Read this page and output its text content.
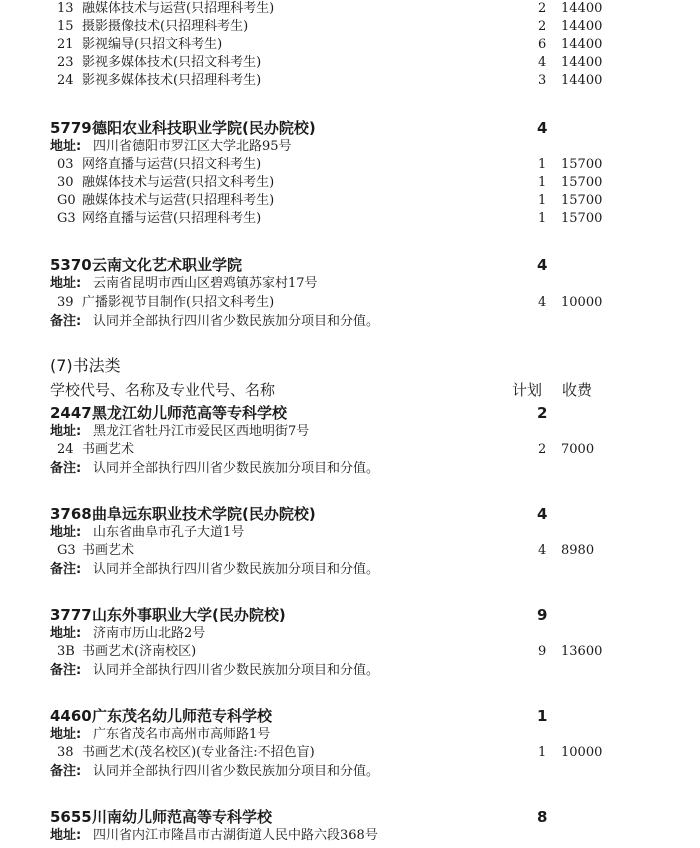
13 融媒体技术与运营(只招理科考生)	2 14400
15 摄影摄像技术(只招理科考生)	2 14400
21 影视编导(只招文科考生)	6 14400
23 影视多媒体技术(只招文科考生)	4 14400
24 影视多媒体技术(只招理科考生)	3 14400
5779 德阳农业科技职业学院(民办院校)	4
地址: 四川省德阳市罗江区大学北路95号
03 网络直播与运营(只招文科考生)	1 15700
30 融媒体技术与运营(只招文科考生)	1 15700
G0 融媒体技术与运营(只招理科考生)	1 15700
G3 网络直播与运营(只招理科考生)	1 15700
5370 云南文化艺术职业学院	4
地址: 云南省昆明市西山区碧鸡镇苏家村17号
39 广播影视节目制作(只招文科考生)	4 10000
备注: 认同并全部执行四川省少数民族加分项目和分值。
(7)书法类
学校代号、名称及专业代号、名称	计划 收费
2447 黑龙江幼儿师范高等专科学校	2
地址: 黑龙江省牡丹江市爱民区西地明街7号
24 书画艺术	2 7000
备注: 认同并全部执行四川省少数民族加分项目和分值。
3768 曲阜远东职业技术学院(民办院校)	4
地址: 山东省曲阜市孔子大道1号
G3 书画艺术	4 8980
备注: 认同并全部执行四川省少数民族加分项目和分值。
3777 山东外事职业大学(民办院校)	9
地址: 济南市历山北路2号
3B 书画艺术(济南校区)	9 13600
备注: 认同并全部执行四川省少数民族加分项目和分值。
4460 广东茂名幼儿师范专科学校	1
地址: 广东省茂名市高州市高师路1号
38 书画艺术(茂名校区)(专业备注:不招色盲)	1 10000
备注: 认同并全部执行四川省少数民族加分项目和分值。
5655 川南幼儿师范高等专科学校	8
地址: 四川省内江市隆昌市古湖街道人民中路六段368号
